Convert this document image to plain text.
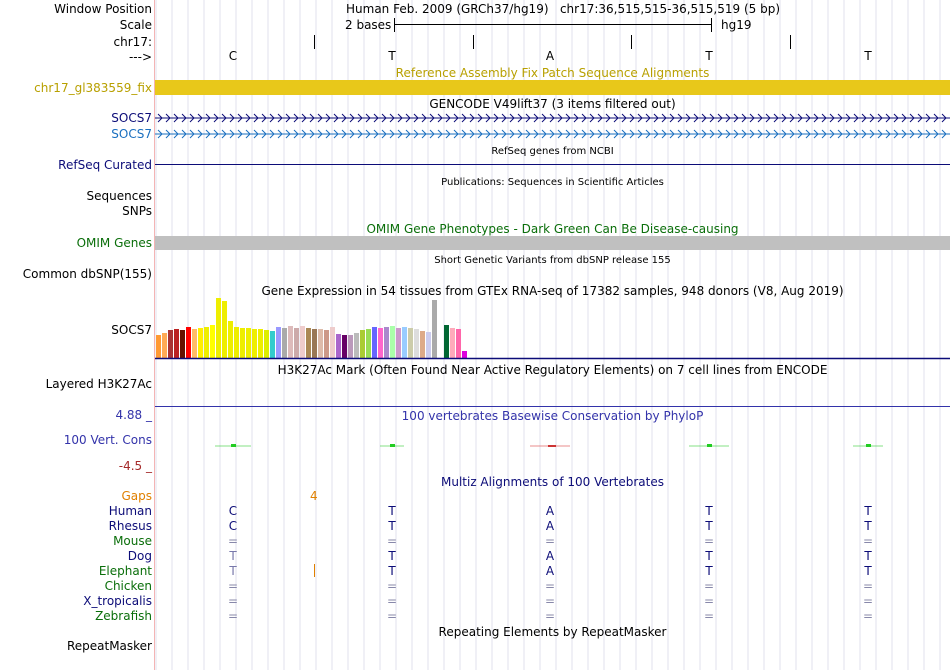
Window Position	Human Feb. 2009 (GRCh37/hg19)   chr17:36,515,515-36,515,519 (5 bp)
Scale	2 bases	hg19
chr17:
--->	C	T	A	T	T
Reference Assembly Fix Patch Sequence Alignments
chr17_gl383559_fix
GENCODE V49lift37 (3 items filtered out)
SOCS7
SOCS7
RefSeq genes from NCBI
RefSeq Curated
Publications: Sequences in Scientific Articles
Sequences
SNPs
OMIM Gene Phenotypes - Dark Green Can Be Disease-causing
OMIM Genes
Short Genetic Variants from dbSNP release 155
Common dbSNP(155)
Gene Expression in 54 tissues from GTEx RNA-seq of 17382 samples, 948 donors (V8, Aug 2019)
SOCS7
H3K27Ac Mark (Often Found Near Active Regulatory Elements) on 7 cell lines from ENCODE
Layered H3K27Ac
100 vertebrates Basewise Conservation by PhyloP
4.88 _
100 Vert. Cons
-4.5 _
Multiz Alignments of 100 Vertebrates
Gaps	4
Human	C	T	A	T	T
Rhesus	C	T	A	T	T
Mouse	=	=	=	=	=
Dog	T	T	A	T	T
Elephant	T	T	A	T	T
Chicken	=	=	=	=	=
X_tropicalis	=	=	=	=	=
Zebrafish	=	=	=	=	=
Repeating Elements by RepeatMasker
RepeatMasker
